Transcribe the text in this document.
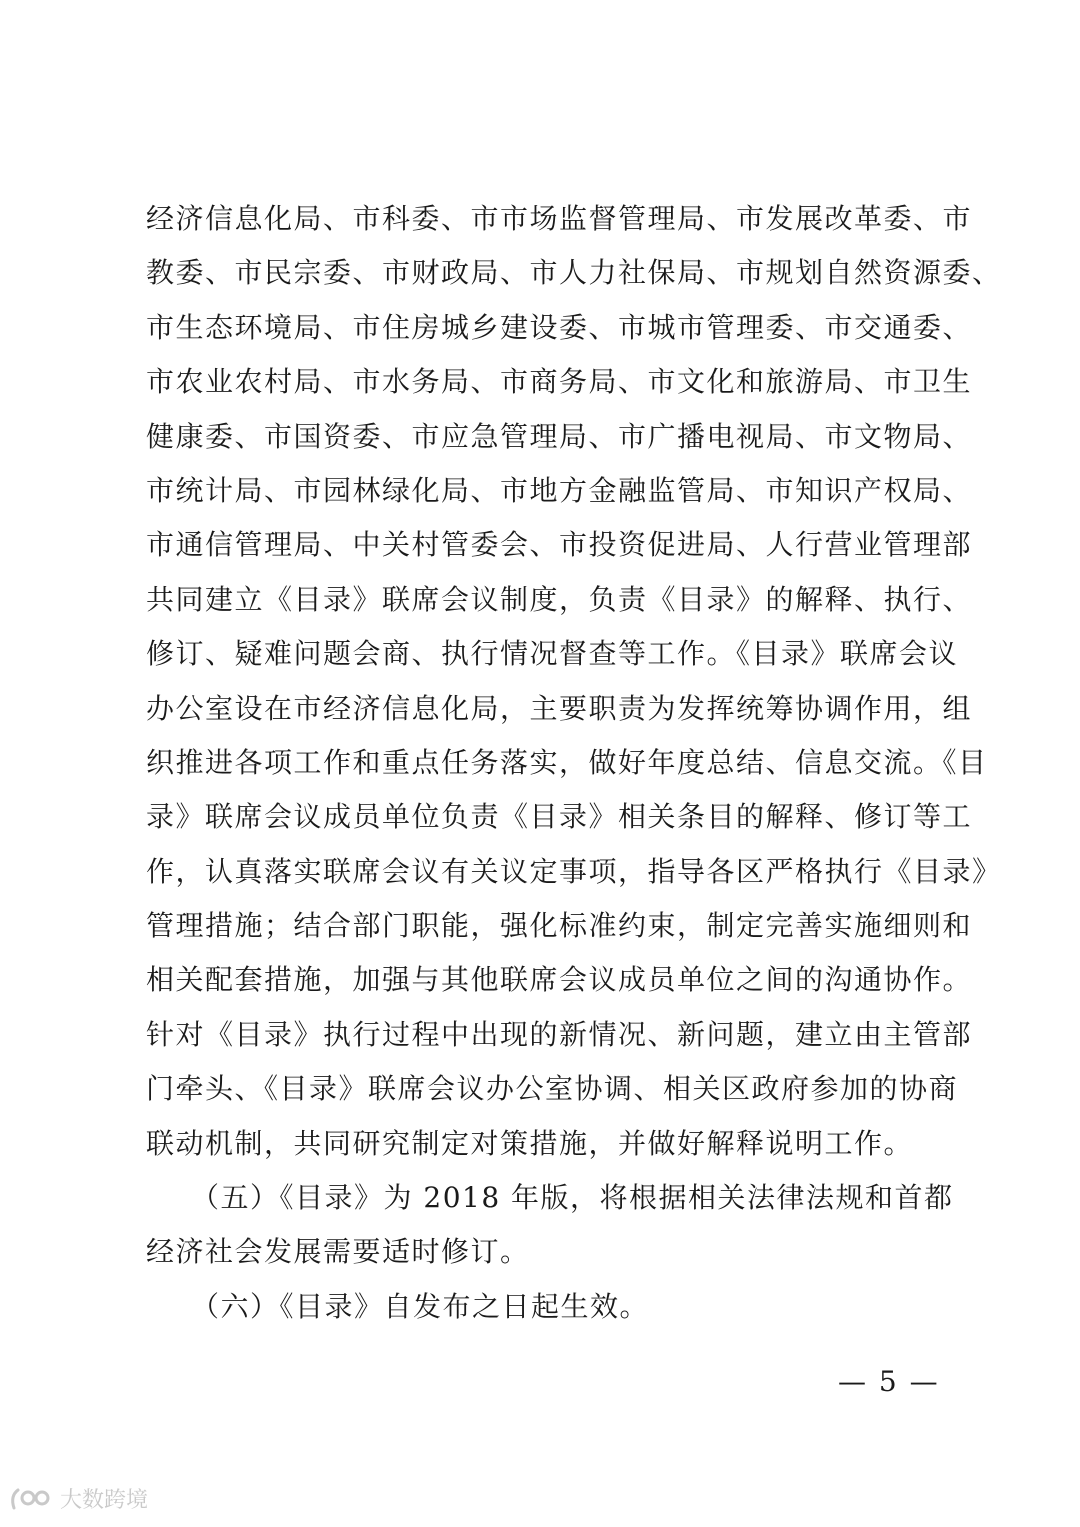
经济信息化局、市科委、市市场监督管理局、市发展改革委、市
教委、市民宗委、市财政局、市人力社保局、市规划自然资源委、
市生态环境局、市住房城乡建设委、市城市管理委、市交通委、
市农业农村局、市水务局、市商务局、市文化和旅游局、市卫生
健康委、市国资委、市应急管理局、市广播电视局、市文物局、
市统计局、市园林绿化局、市地方金融监管局、市知识产权局、
市通信管理局、中关村管委会、市投资促进局、人行营业管理部
共同建立《目录》联席会议制度，负责《目录》的解释、执行、
修订、疑难问题会商、执行情况督查等工作。《目录》联席会议
办公室设在市经济信息化局，主要职责为发挥统筹协调作用，组
织推进各项工作和重点任务落实，做好年度总结、信息交流。《目
录》联席会议成员单位负责《目录》相关条目的解释、修订等工
作，认真落实联席会议有关议定事项，指导各区严格执行《目录》
管理措施；结合部门职能，强化标准约束，制定完善实施细则和
相关配套措施，加强与其他联席会议成员单位之间的沟通协作。
针对《目录》执行过程中出现的新情况、新问题，建立由主管部
门牵头、《目录》联席会议办公室协调、相关区政府参加的协商
联动机制，共同研究制定对策措施，并做好解释说明工作。
　　（五）《目录》为 2018 年版，将根据相关法律法规和首都
经济社会发展需要适时修订。
　　（六）《目录》自发布之日起生效。
— 5 —
大数跨境
